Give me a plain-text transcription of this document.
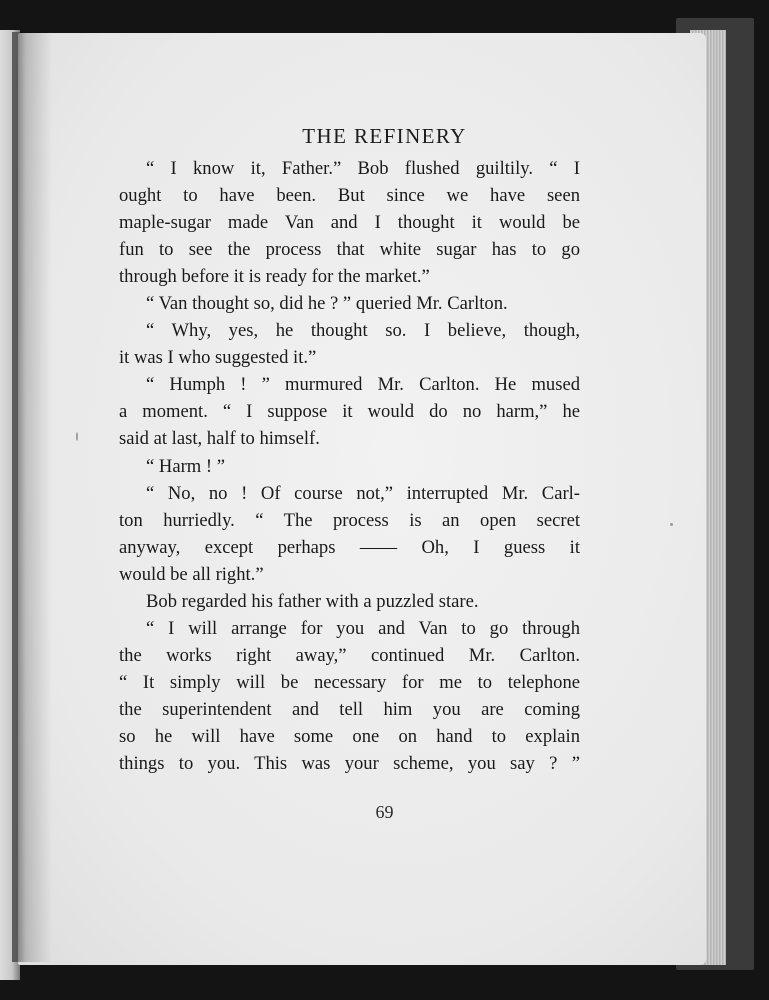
THE REFINERY
“ I know it, Father.” Bob flushed guiltily. “ I
ought to have been. But since we have seen
maple-sugar made Van and I thought it would be
fun to see the process that white sugar has to go
through before it is ready for the market.”
“ Van thought so, did he ? ” queried Mr. Carlton.
“ Why, yes, he thought so. I believe, though,
it was I who suggested it.”
“ Humph ! ” murmured Mr. Carlton. He mused
a moment. “ I suppose it would do no harm,” he
said at last, half to himself.
“ Harm ! ”
“ No, no ! Of course not,” interrupted Mr. Carl-
ton hurriedly. “ The process is an open secret
anyway, except perhaps —— Oh, I guess it
would be all right.”
Bob regarded his father with a puzzled stare.
“ I will arrange for you and Van to go through
the works right away,” continued Mr. Carlton.
“ It simply will be necessary for me to telephone
the superintendent and tell him you are coming
so he will have some one on hand to explain
things to you. This was your scheme, you say ? ”
69
